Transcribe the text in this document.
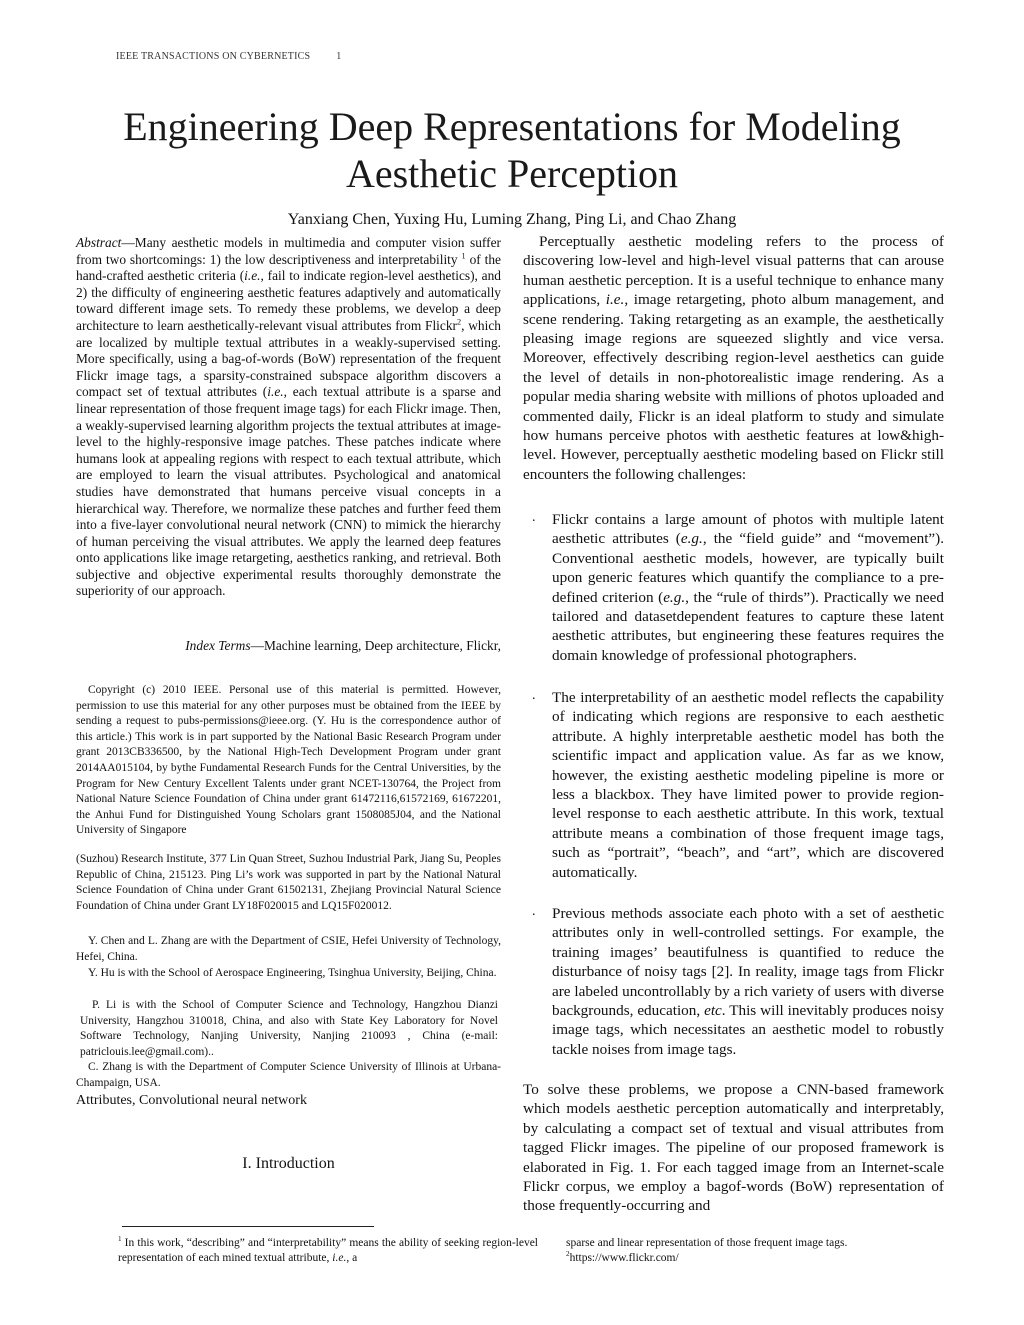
IEEE TRANSACTIONS ON CYBERNETICS	1
Engineering Deep Representations for Modeling
Aesthetic Perception
Yanxiang Chen, Yuxing Hu, Luming Zhang, Ping Li, and Chao Zhang
Abstract—Many aesthetic models in multimedia and computer vision suffer from two shortcomings: 1) the low descriptiveness and interpretability $^1$ of the hand-crafted aesthetic criteria (i.e., fail to indicate region-level aesthetics), and 2) the difficulty of engineering aesthetic features adaptively and automatically toward different image sets. To remedy these problems, we develop a deep architecture to learn aesthetically-relevant visual attributes from Flickr$^2$, which are localized by multiple textual attributes in a weakly-supervised setting. More specifically, using a bag-of-words (BoW) representation of the frequent Flickr image tags, a sparsity-constrained subspace algorithm discovers a compact set of textual attributes (i.e., each textual attribute is a sparse and linear representation of those frequent image tags) for each Flickr image. Then, a weakly-supervised learning algorithm projects the textual attributes at image-level to the highly-responsive image patches. These patches indicate where humans look at appealing regions with respect to each textual attribute, which are employed to learn the visual attributes. Psychological and anatomical studies have demonstrated that humans perceive visual concepts in a hierarchical way. Therefore, we normalize these patches and further feed them into a five-layer convolutional neural network (CNN) to mimick the hierarchy of human perceiving the visual attributes. We apply the learned deep features onto applications like image retargeting, aesthetics ranking, and retrieval. Both subjective and objective experimental results thoroughly demonstrate the superiority of our approach.
Index Terms—Machine learning, Deep architecture, Flickr,
Copyright (c) 2010 IEEE. Personal use of this material is permitted. However, permission to use this material for any other purposes must be obtained from the IEEE by sending a request to pubs-permissions@ieee.org. (Y. Hu is the correspondence author of this article.) This work is in part supported by the National Basic Research Program under grant 2013CB336500, by the National High-Tech Development Program under grant 2014AA015104, by bythe Fundamental Research Funds for the Central Universities, by the Program for New Century Excellent Talents under grant NCET-130764, the Project from National Nature Science Foundation of China under grant 61472116,61572169, 61672201, the Anhui Fund for Distinguished Young Scholars grant 1508085J04, and the National University of Singapore
(Suzhou) Research Institute, 377 Lin Quan Street, Suzhou Industrial Park, Jiang Su, Peoples Republic of China, 215123. Ping Li’s work was supported in part by the National Natural Science Foundation of China under Grant 61502131, Zhejiang Provincial Natural Science Foundation of China under Grant LY18F020015 and LQ15F020012.
Y. Chen and L. Zhang are with the Department of CSIE, Hefei University of Technology, Hefei, China.
Y. Hu is with the School of Aerospace Engineering, Tsinghua University, Beijing, China.
P. Li is with the School of Computer Science and Technology, Hangzhou Dianzi University, Hangzhou 310018, China, and also with State Key Laboratory for Novel Software Technology, Nanjing University, Nanjing 210093 , China (e-mail: patriclouis.lee@gmail.com)..
C. Zhang is with the Department of Computer Science University of Illinois at Urbana-Champaign, USA.
Attributes, Convolutional neural network
I. Introduction
Perceptually aesthetic modeling refers to the process of discovering low-level and high-level visual patterns that can arouse human aesthetic perception. It is a useful technique to enhance many applications, i.e., image retargeting, photo album management, and scene rendering. Taking retargeting as an example, the aesthetically pleasing image regions are squeezed slightly and vice versa. Moreover, effectively describing region-level aesthetics can guide the level of details in non-photorealistic image rendering. As a popular media sharing website with millions of photos uploaded and commented daily, Flickr is an ideal platform to study and simulate how humans perceive photos with aesthetic features at low&high-level. However, perceptually aesthetic modeling based on Flickr still encounters the following challenges:
. Flickr contains a large amount of photos with multiple latent aesthetic attributes (e.g., the “field guide” and “movement”). Conventional aesthetic models, however, are typically built upon generic features which quantify the compliance to a pre-defined criterion (e.g., the “rule of thirds”). Practically we need tailored and datasetdependent features to capture these latent aesthetic attributes, but engineering these features requires the domain knowledge of professional photographers.
. The interpretability of an aesthetic model reflects the capability of indicating which regions are responsive to each aesthetic attribute. A highly interpretable aesthetic model has both the scientific impact and application value. As far as we know, however, the existing aesthetic modeling pipeline is more or less a blackbox. They have limited power to provide region-level response to each aesthetic attribute. In this work, textual attribute means a combination of those frequent image tags, such as “portrait”, “beach”, and “art”, which are discovered automatically.
. Previous methods associate each photo with a set of aesthetic attributes only in well-controlled settings. For example, the training images’ beautifulness is quantified to reduce the disturbance of noisy tags [2]. In reality, image tags from Flickr are labeled uncontrollably by a rich variety of users with diverse backgrounds, education, etc. This will inevitably produces noisy image tags, which necessitates an aesthetic model to robustly tackle noises from image tags.
To solve these problems, we propose a CNN-based framework which models aesthetic perception automatically and interpretably, by calculating a compact set of textual and visual attributes from tagged Flickr images. The pipeline of our proposed framework is elaborated in Fig. 1. For each tagged image from an Internet-scale Flickr corpus, we employ a bagof-words (BoW) representation of those frequently-occurring and
$^1$ In this work, “describing” and “interpretability” means the ability of seeking region-level representation of each mined textual attribute, i.e., a
sparse and linear representation of those frequent image tags.
$^2$https://www.flickr.com/
